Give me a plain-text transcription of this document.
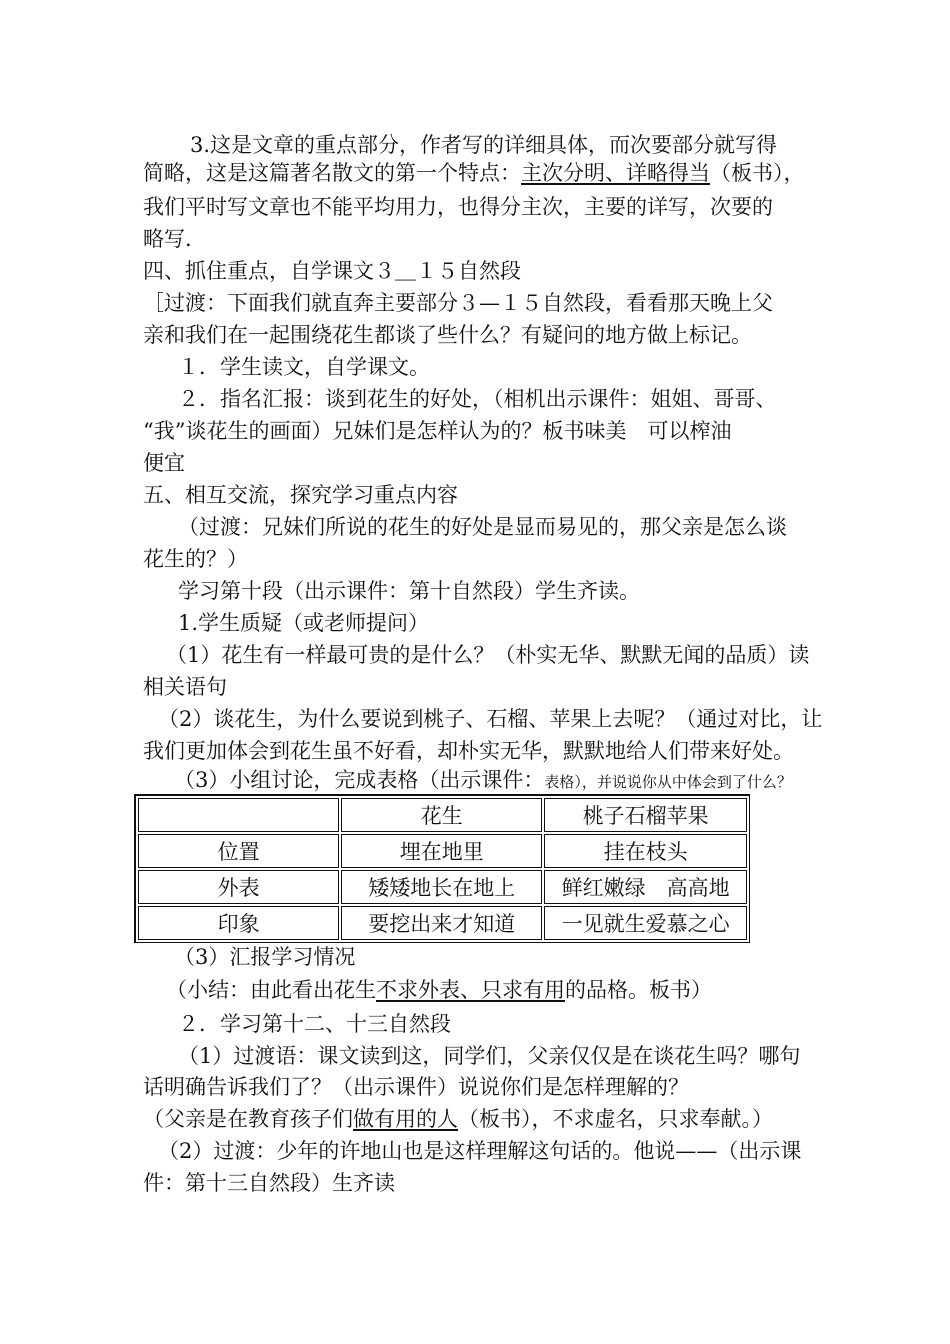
3.这是文章的重点部分，作者写的详细具体，而次要部分就写得
简略，这是这篇著名散文的第一个特点：主次分明、详略得当（板书），
我们平时写文章也不能平均用力，也得分主次，主要的详写，次要的
略写.
四、抓住重点，自学课文３＿１５自然段
［过渡：下面我们就直奔主要部分３—１５自然段，看看那天晚上父
亲和我们在一起围绕花生都谈了些什么？有疑问的地方做上标记。
１．学生读文，自学课文。
２．指名汇报：谈到花生的好处，（相机出示课件：姐姐、哥哥、
“我”谈花生的画面）兄妹们是怎样认为的？板书味美　可以榨油
便宜
五、相互交流，探究学习重点内容
（过渡：兄妹们所说的花生的好处是显而易见的，那父亲是怎么谈
花生的？）
学习第十段（出示课件：第十自然段）学生齐读。
1.学生质疑（或老师提问）
（1）花生有一样最可贵的是什么？（朴实无华、默默无闻的品质）读
相关语句
（2）谈花生，为什么要说到桃子、石榴、苹果上去呢？（通过对比，让
我们更加体会到花生虽不好看，却朴实无华，默默地给人们带来好处。
（3）小组讨论，完成表格（出示课件：表格），并说说你从中体会到了什么？
	花生	桃子石榴苹果
位置	埋在地里	挂在枝头
外表	矮矮地长在地上	鲜红嫩绿　高高地
印象	要挖出来才知道	一见就生爱慕之心
（3）汇报学习情况
（小结：由此看出花生不求外表、只求有用的品格。板书）
２．学习第十二、十三自然段
（1）过渡语：课文读到这，同学们，父亲仅仅是在谈花生吗？哪句
话明确告诉我们了？（出示课件）说说你们是怎样理解的？
（父亲是在教育孩子们做有用的人（板书），不求虚名，只求奉献。）
（2）过渡：少年的许地山也是这样理解这句话的。他说——（出示课
件：第十三自然段）生齐读
